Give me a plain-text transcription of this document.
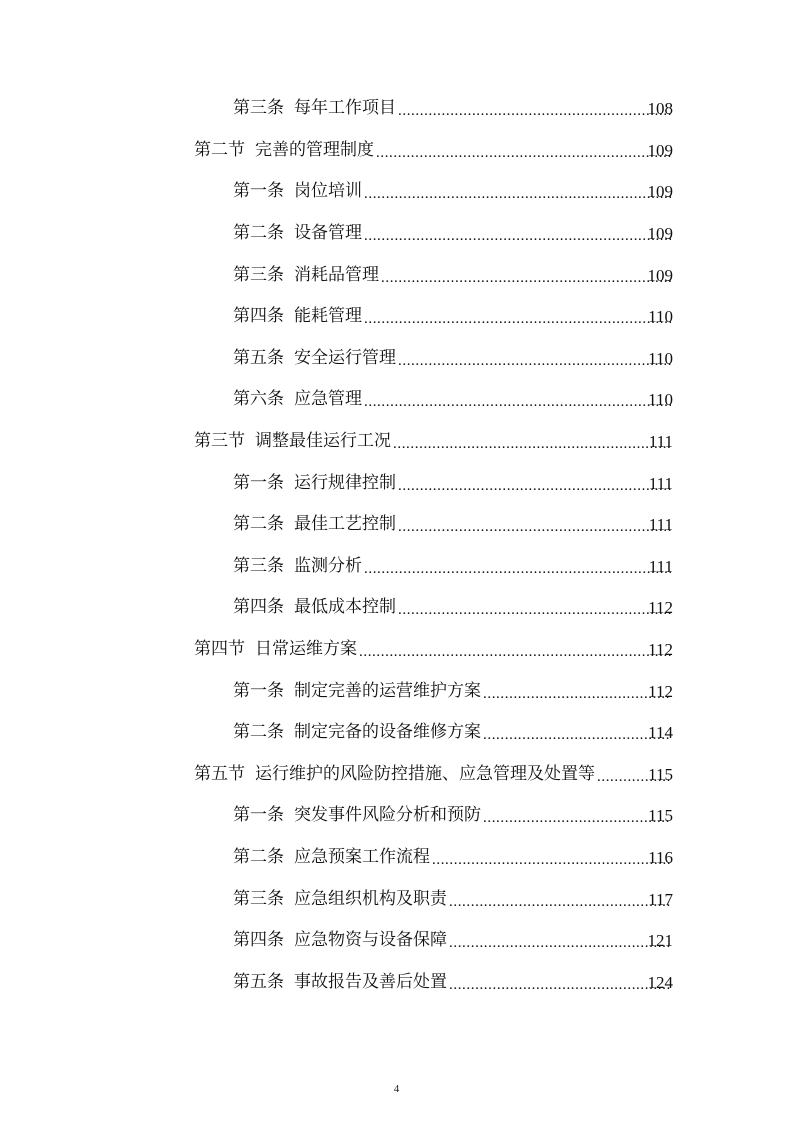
第三条 每年工作项目 .....	108
第二节 完善的管理制度 .....	109
第一条 岗位培训 .....	109
第二条 设备管理 .....	109
第三条 消耗品管理 .....	109
第四条 能耗管理 .....	110
第五条 安全运行管理 .....	110
第六条 应急管理 .....	110
第三节 调整最佳运行工况 .....	111
第一条 运行规律控制 .....	111
第二条 最佳工艺控制 .....	111
第三条 监测分析 .....	111
第四条 最低成本控制 .....	112
第四节 日常运维方案 .....	112
第一条 制定完善的运营维护方案 .....	112
第二条 制定完备的设备维修方案 .....	114
第五节 运行维护的风险防控措施、应急管理及处置等 .....	115
第一条 突发事件风险分析和预防 .....	115
第二条 应急预案工作流程 .....	116
第三条 应急组织机构及职责 .....	117
第四条 应急物资与设备保障 .....	121
第五条 事故报告及善后处置 .....	124
4
